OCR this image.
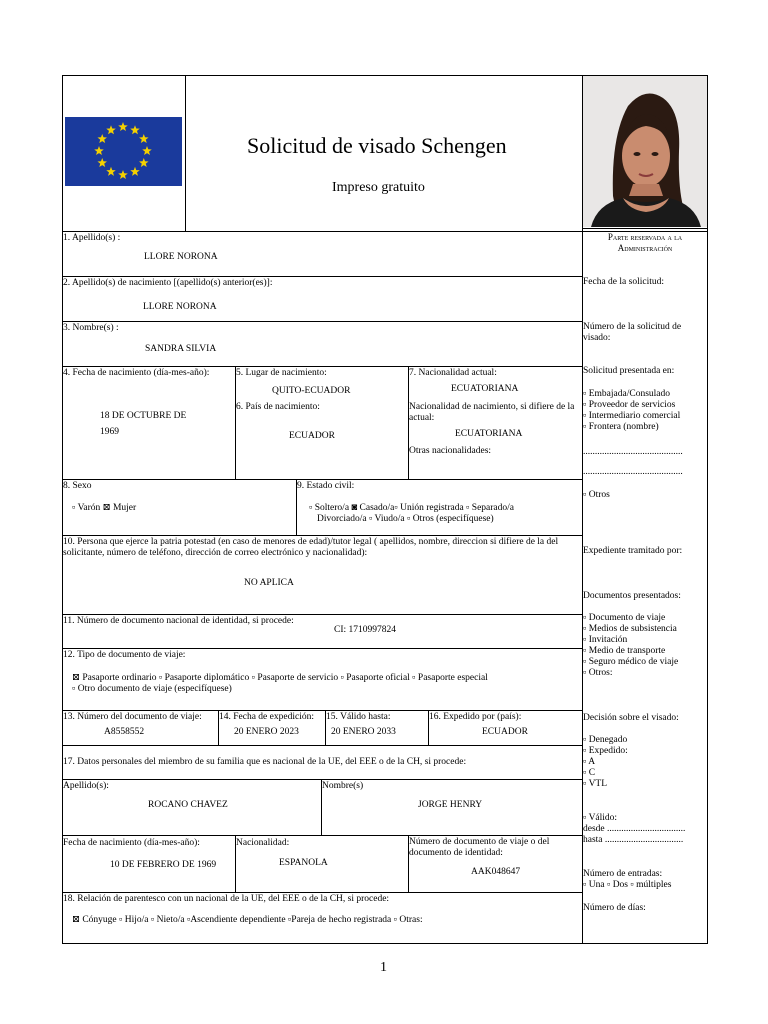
Solicitud de visado Schengen
Impreso gratuito
1. Apellido(s) :
LLORE NORONA
2. Apellido(s) de nacimiento [(apellido(s) anterior(es)]:
LLORE NORONA
3. Nombre(s) :
SANDRA SILVIA
4. Fecha de nacimiento (día-mes-año):
18 DE OCTUBRE DE
1969
5. Lugar de nacimiento:
QUITO-ECUADOR
6. País de nacimiento:
ECUADOR
7. Nacionalidad actual:
ECUATORIANA
Nacionalidad de nacimiento, si difiere de la actual:
ECUATORIANA
Otras nacionalidades:
8. Sexo
▫ Varón ⊠ Mujer
9. Estado civil:
▫ Soltero/a ◙ Casado/a▫ Unión registrada ▫ Separado/a
Divorciado/a ▫ Viudo/a ▫ Otros (especifíquese)
10. Persona que ejerce la patria potestad (en caso de menores de edad)/tutor legal ( apellidos, nombre, direccion si difiere de la del solicitante, número de teléfono, dirección de correo electrónico y nacionalidad):
NO APLICA
11. Número de documento nacional de identidad, si procede:
CI: 1710997824
12. Tipo de documento de viaje:
⊠ Pasaporte ordinario ▫ Pasaporte diplomático ▫ Pasaporte de servicio ▫ Pasaporte oficial ▫ Pasaporte especial
▫ Otro documento de viaje (especifíquese)
13. Número del documento de viaje:
A8558552
14. Fecha de expedición:
20 ENERO 2023
15. Válido hasta:
20 ENERO 2033
16. Expedido por (país):
ECUADOR
17. Datos personales del miembro de su familia que es nacional de la UE, del EEE o de la CH, si procede:
Apellido(s):
ROCANO CHAVEZ
Nombre(s)
JORGE HENRY
Fecha de nacimiento (día-mes-año):
10 DE FEBRERO DE 1969
Nacionalidad:
ESPANOLA
Número de documento de viaje o del documento de identidad:
AAK048647
18. Relación de parentesco con un nacional de la UE, del EEE o de la CH, si procede:
⊠ Cónyuge ▫ Hijo/a ▫ Nieto/a ▫Ascendiente dependiente ▫Pareja de hecho registrada ▫ Otras:
Parte reservada a la
Administración
Fecha de la solicitud:
Número de la solicitud de visado:
Solicitud presentada en:
▫ Embajada/Consulado
▫ Proveedor de servicios
▫ Intermediario comercial
▫ Frontera (nombre)
..........................................
..........................................
▫ Otros
Expediente tramitado por:
Documentos presentados:
▫ Documento de viaje
▫ Medios de subsistencia
▫ Invitación
▫ Medio de transporte
▫ Seguro médico de viaje
▫ Otros:
Decisión sobre el visado:
▫ Denegado
▫ Expedido:
▫ A
▫ C
▫ VTL
▫ Válido:
desde .................................
hasta .................................
Número de entradas:
▫ Una ▫ Dos ▫ múltiples
Número de días:
1
